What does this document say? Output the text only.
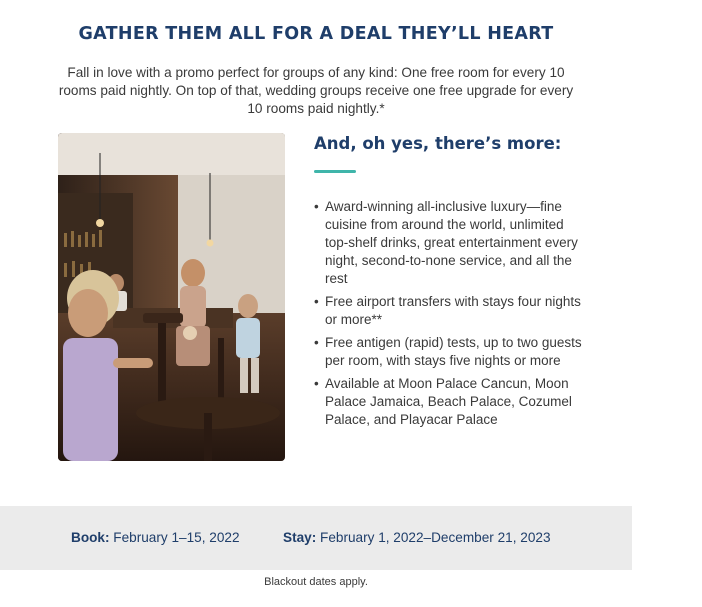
GATHER THEM ALL FOR A DEAL THEY’LL HEART
Fall in love with a promo perfect for groups of any kind: One free room for every 10 rooms paid nightly. On top of that, wedding groups receive one free upgrade for every 10 rooms paid nightly.*
And, oh yes, there’s more:
• Award-winning all-inclusive luxury—fine cuisine from around the world, unlimited top-shelf drinks, great entertainment every night, second-to-none service, and all the rest
• Free airport transfers with stays four nights or more**
• Free antigen (rapid) tests, up to two guests per room, with stays five nights or more
• Available at Moon Palace Cancun, Moon Palace Jamaica, Beach Palace, Cozumel Palace, and Playacar Palace
Book: February 1–15, 2022	Stay: February 1, 2022–December 21, 2023
Blackout dates apply.
